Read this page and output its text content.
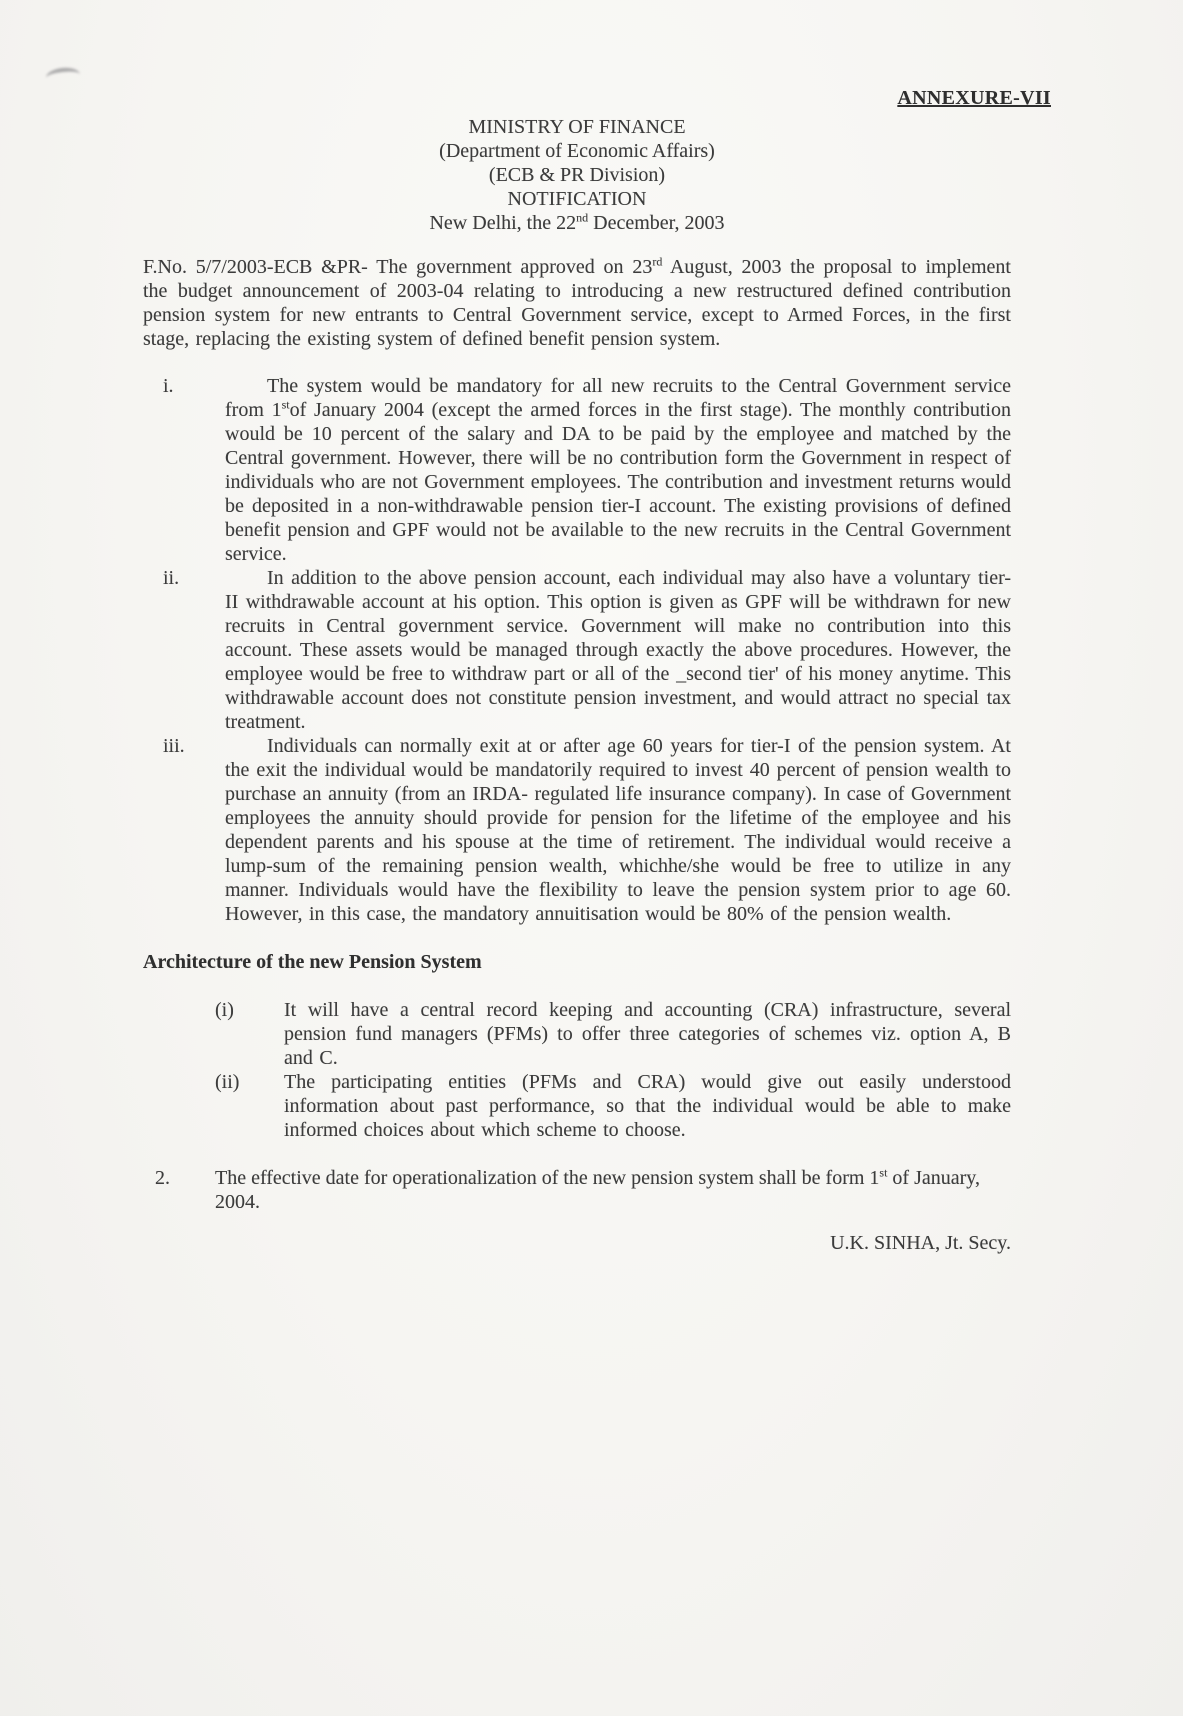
ANNEXURE-VII
MINISTRY OF FINANCE
(Department of Economic Affairs)
(ECB & PR Division)
NOTIFICATION
New Delhi, the 22nd December, 2003

F.No. 5/7/2003-ECB &PR- The government approved on 23rd August, 2003 the proposal to implement the budget announcement of 2003-04 relating to introducing a new restructured defined contribution pension system for new entrants to Central Government service, except to Armed Forces, in the first stage, replacing the existing system of defined benefit pension system.

i.	The system would be mandatory for all new recruits to the Central Government service from 1stof January 2004 (except the armed forces in the first stage). The monthly contribution would be 10 percent of the salary and DA to be paid by the employee and matched by the Central government. However, there will be no contribution form the Government in respect of individuals who are not Government employees. The contribution and investment returns would be deposited in a non-withdrawable pension tier-I account. The existing provisions of defined benefit pension and GPF would not be available to the new recruits in the Central Government service.

ii.	In addition to the above pension account, each individual may also have a voluntary tier-II withdrawable account at his option. This option is given as GPF will be withdrawn for new recruits in Central government service. Government will make no contribution into this account. These assets would be managed through exactly the above procedures. However, the employee would be free to withdraw part or all of the _second tier' of his money anytime. This withdrawable account does not constitute pension investment, and would attract no special tax treatment.

iii.	Individuals can normally exit at or after age 60 years for tier-I of the pension system. At the exit the individual would be mandatorily required to invest 40 percent of pension wealth to purchase an annuity (from an IRDA- regulated life insurance company). In case of Government employees the annuity should provide for pension for the lifetime of the employee and his dependent parents and his spouse at the time of retirement. The individual would receive a lump-sum of the remaining pension wealth, whichhe/she would be free to utilize in any manner. Individuals would have the flexibility to leave the pension system prior to age 60. However, in this case, the mandatory annuitisation would be 80% of the pension wealth.

Architecture of the new Pension System
(i)	It will have a central record keeping and accounting (CRA) infrastructure, several pension fund managers (PFMs) to offer three categories of schemes viz. option A, B and C.

(ii) The participating entities (PFMs and CRA) would give out easily understood information about past performance, so that the individual would be able to make informed choices about which scheme to choose.

2. The effective date for operationalization of the new pension system shall be form 1st of January, 2004.

U.K. SINHA, Jt. Secy.
